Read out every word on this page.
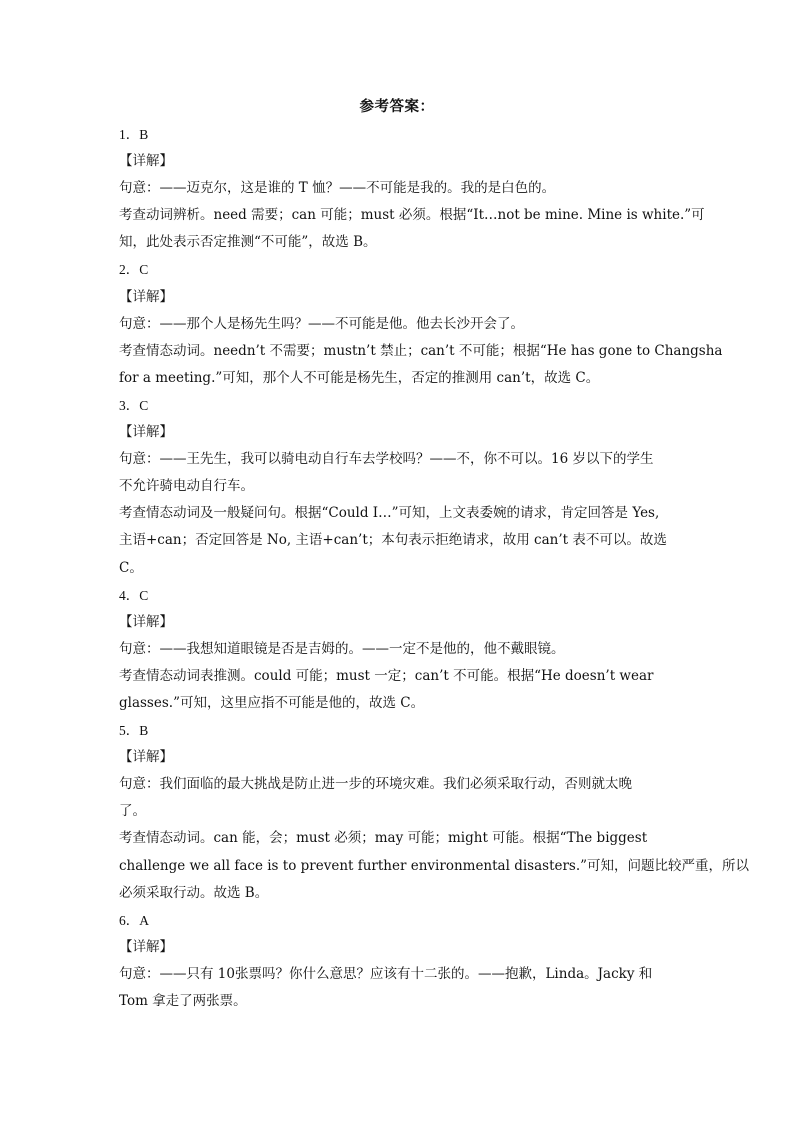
参考答案：

1．B

【详解】

句意：——迈克尔，这是谁的 T 恤？——不可能是我的。我的是白色的。

考查动词辨析。need 需要；can 可能；must 必须。根据“It…not be mine. Mine is white.”可

知，此处表示否定推测“不可能”，故选 B。

2．C

【详解】

句意：——那个人是杨先生吗？——不可能是他。他去长沙开会了。

考查情态动词。needn’t 不需要；mustn’t 禁止；can’t 不可能；根据“He has gone to Changsha

for a meeting.”可知，那个人不可能是杨先生，否定的推测用 can’t，故选 C。

3．C

【详解】

句意：——王先生，我可以骑电动自行车去学校吗？——不，你不可以。16 岁以下的学生

不允许骑电动自行车。

考查情态动词及一般疑问句。根据“Could I…”可知，上文表委婉的请求，肯定回答是 Yes,

主语+can；否定回答是 No, 主语+can’t；本句表示拒绝请求，故用 can’t 表不可以。故选

C。

4．C

【详解】

句意：——我想知道眼镜是否是吉姆的。——一定不是他的，他不戴眼镜。

考查情态动词表推测。could 可能；must 一定；can’t 不可能。根据“He doesn’t wear

glasses.”可知，这里应指不可能是他的，故选 C。

5．B

【详解】

句意：我们面临的最大挑战是防止进一步的环境灾难。我们必须采取行动，否则就太晚

了。

考查情态动词。can 能，会；must 必须；may 可能；might 可能。根据“The biggest

challenge we all face is to prevent further environmental disasters.”可知，问题比较严重，所以

必须采取行动。故选 B。

6．A

【详解】

句意：——只有 10张票吗？你什么意思？应该有十二张的。——抱歉，Linda。Jacky 和

Tom 拿走了两张票。
